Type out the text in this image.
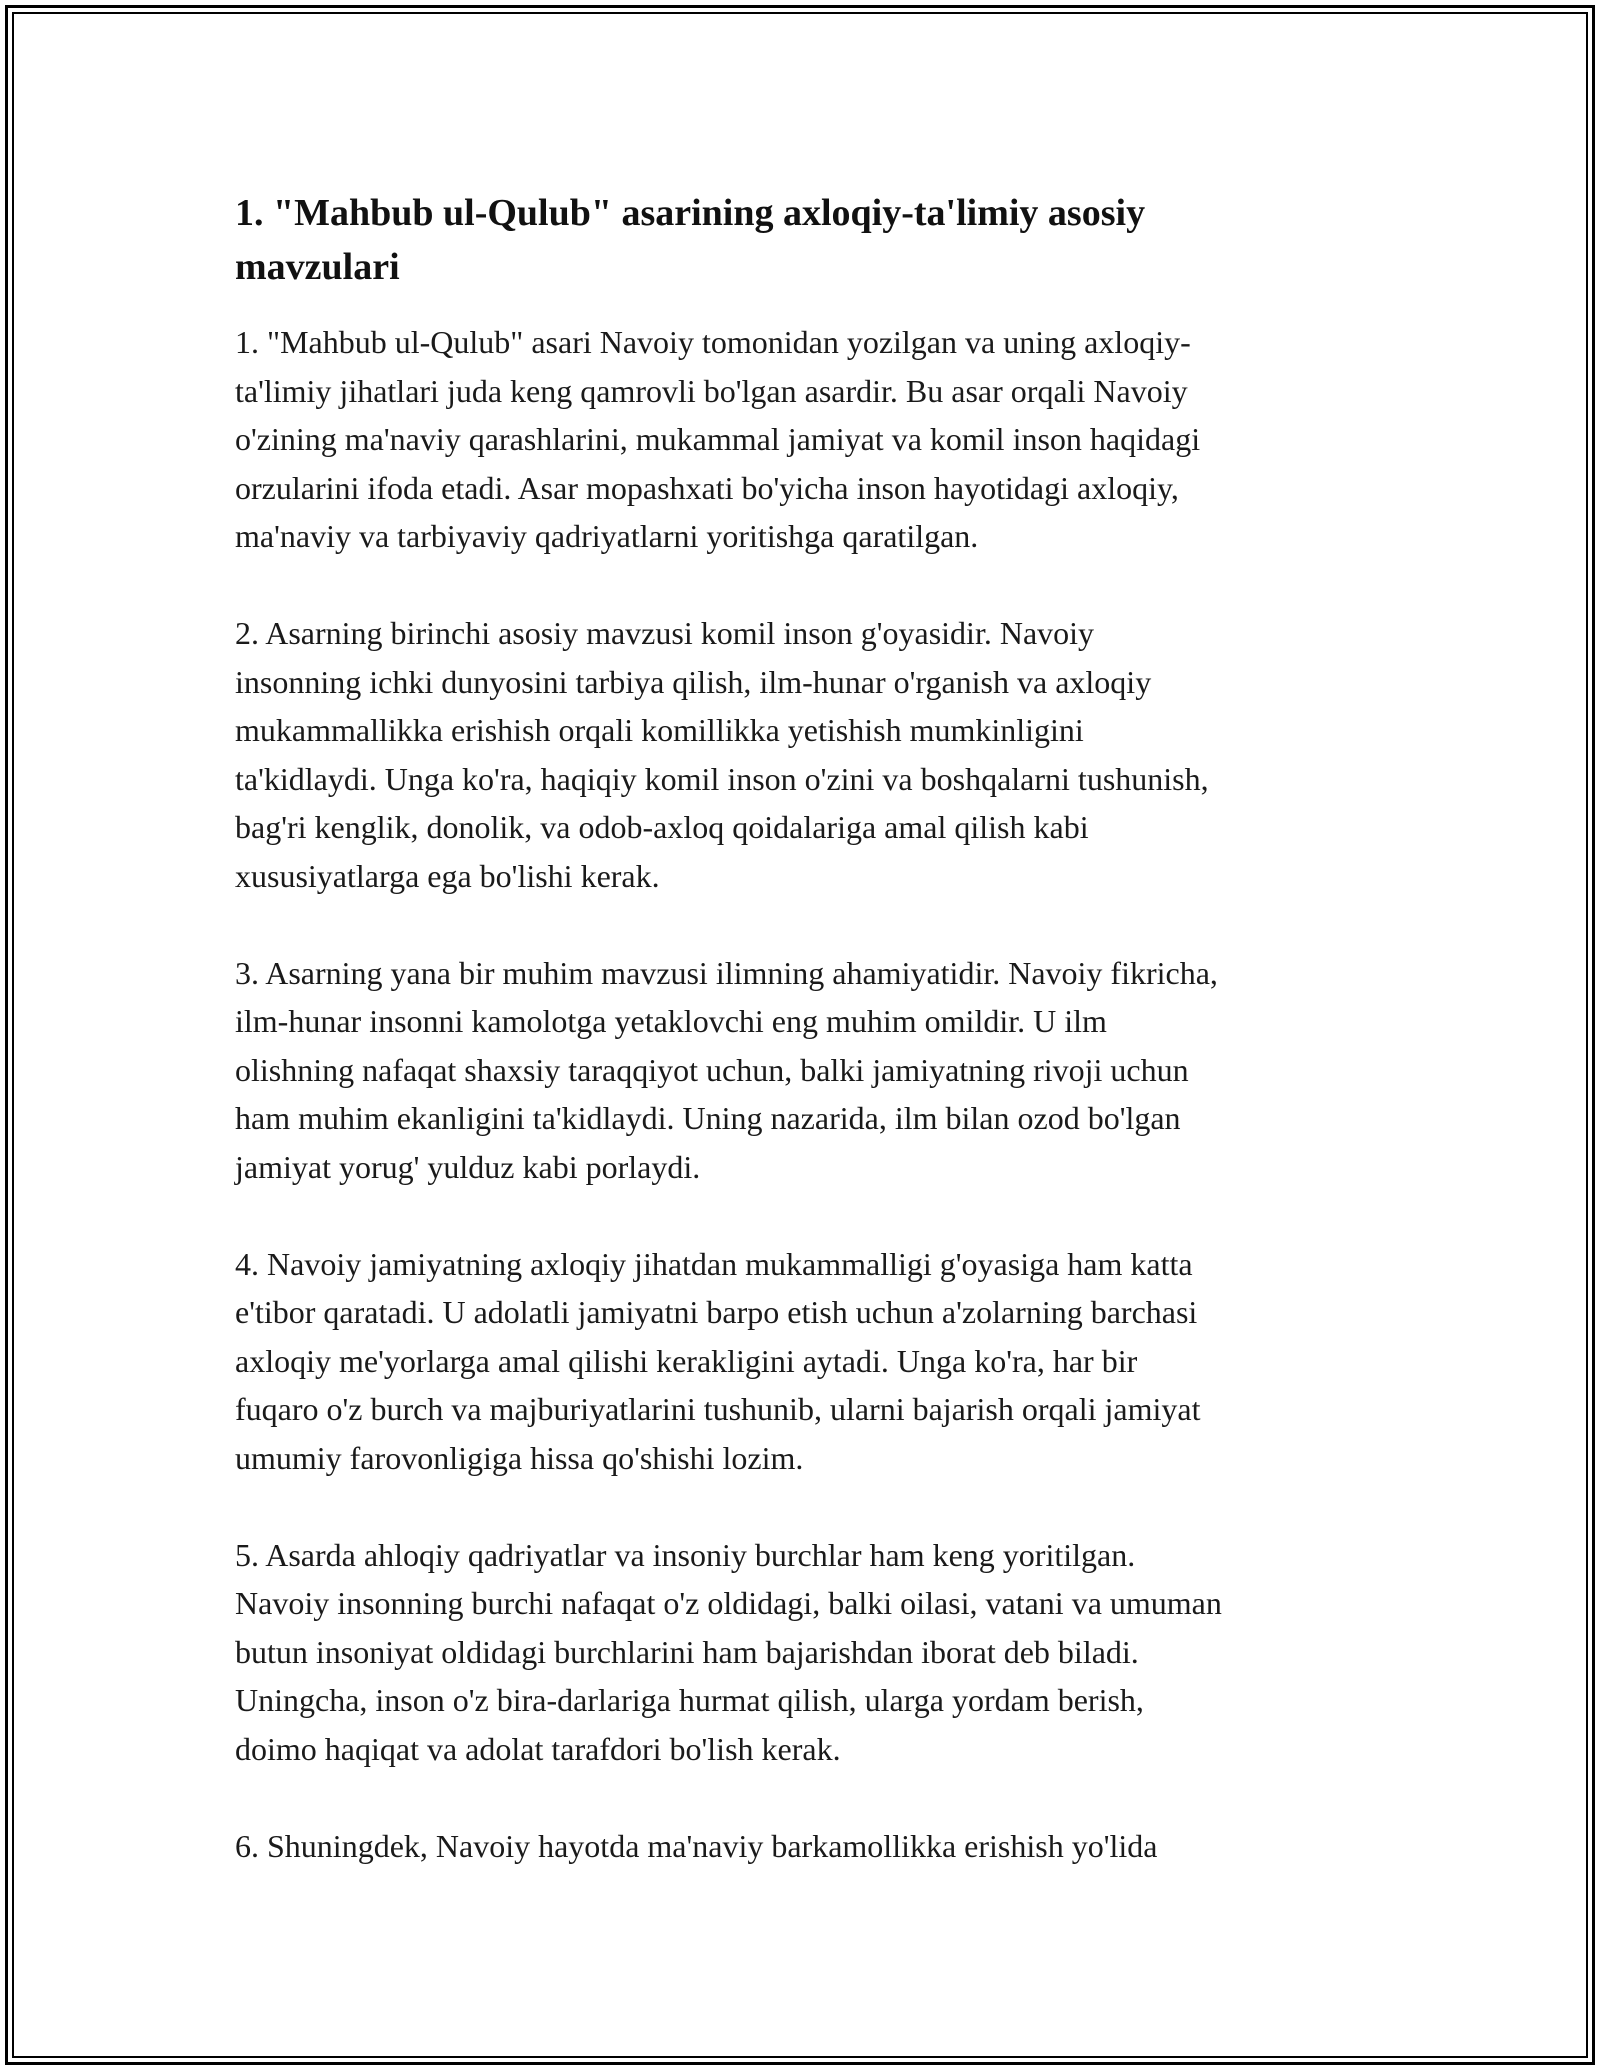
1. "Mahbub ul-Qulub" asarining axloqiy-ta'limiy asosiy
mavzulari

1. "Mahbub ul-Qulub" asari Navoiy tomonidan yozilgan va uning axloqiy-
ta'limiy jihatlari juda keng qamrovli bo'lgan asardir. Bu asar orqali Navoiy
o'zining ma'naviy qarashlarini, mukammal jamiyat va komil inson haqidagi
orzularini ifoda etadi. Asar mopashxati bo'yicha inson hayotidagi axloqiy,
ma'naviy va tarbiyaviy qadriyatlarni yoritishga qaratilgan.

2. Asarning birinchi asosiy mavzusi komil inson g'oyasidir. Navoiy
insonning ichki dunyosini tarbiya qilish, ilm-hunar o'rganish va axloqiy
mukammallikka erishish orqali komillikka yetishish mumkinligini
ta'kidlaydi. Unga ko'ra, haqiqiy komil inson o'zini va boshqalarni tushunish,
bag'ri kenglik, donolik, va odob-axloq qoidalariga amal qilish kabi
xususiyatlarga ega bo'lishi kerak.

3. Asarning yana bir muhim mavzusi ilimning ahamiyatidir. Navoiy fikricha,
ilm-hunar insonni kamolotga yetaklovchi eng muhim omildir. U ilm
olishning nafaqat shaxsiy taraqqiyot uchun, balki jamiyatning rivoji uchun
ham muhim ekanligini ta'kidlaydi. Uning nazarida, ilm bilan ozod bo'lgan
jamiyat yorug' yulduz kabi porlaydi.

4. Navoiy jamiyatning axloqiy jihatdan mukammalligi g'oyasiga ham katta
e'tibor qaratadi. U adolatli jamiyatni barpo etish uchun a'zolarning barchasi
axloqiy me'yorlarga amal qilishi kerakligini aytadi. Unga ko'ra, har bir
fuqaro o'z burch va majburiyatlarini tushunib, ularni bajarish orqali jamiyat
umumiy farovonligiga hissa qo'shishi lozim.

5. Asarda ahloqiy qadriyatlar va insoniy burchlar ham keng yoritilgan.
Navoiy insonning burchi nafaqat o'z oldidagi, balki oilasi, vatani va umuman
butun insoniyat oldidagi burchlarini ham bajarishdan iborat deb biladi.
Uningcha, inson o'z bira-darlariga hurmat qilish, ularga yordam berish,
doimo haqiqat va adolat tarafdori bo'lish kerak.

6. Shuningdek, Navoiy hayotda ma'naviy barkamollikka erishish yo'lida
